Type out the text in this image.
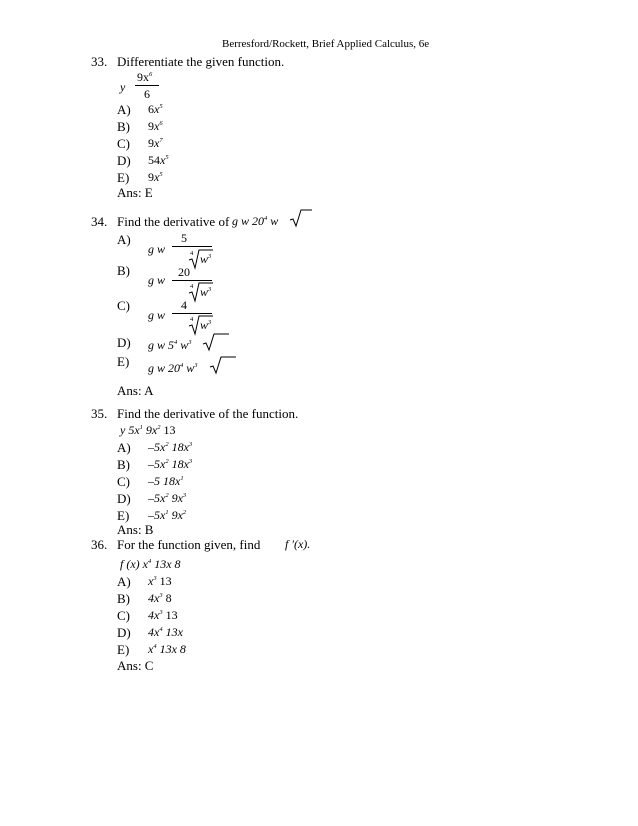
Berresford/Rockett, Brief Applied Calculus, 6e
33. Differentiate the given function.
y
$9x^6$
6
A) $6x^5$
B) $9x^6$
C) $9x^7$
D) $54x^5$
E) $9x^5$
Ans: E
34. Find the derivative of g w $20^4$ w
A)
g w
5
4 $w^3$
B)
g w
20
4 $w^3$
C)
g w
4
4 $w^3$
D) g w $5^4$ $w^3$
E) g w $20^4$ $w^3$
Ans: A
35. Find the derivative of the function.
y $5x^1$ $9x^2$ 13
A) $-5x^2$ $18x^3$
B) $-5x^2$ $18x^3$
C) –5 $18x^1$
D) $-5x^2$ $9x^3$
E) $-5x^1$ $9x^2$
Ans: B
36. For the function given, find f ′(x).
f (x) $x^4$ 13x 8
A) $x^3$ 13
B) $4x^3$ 8
C) $4x^3$ 13
D) $4x^4$ 13x
E) $x^4$ 13x 8
Ans: C
